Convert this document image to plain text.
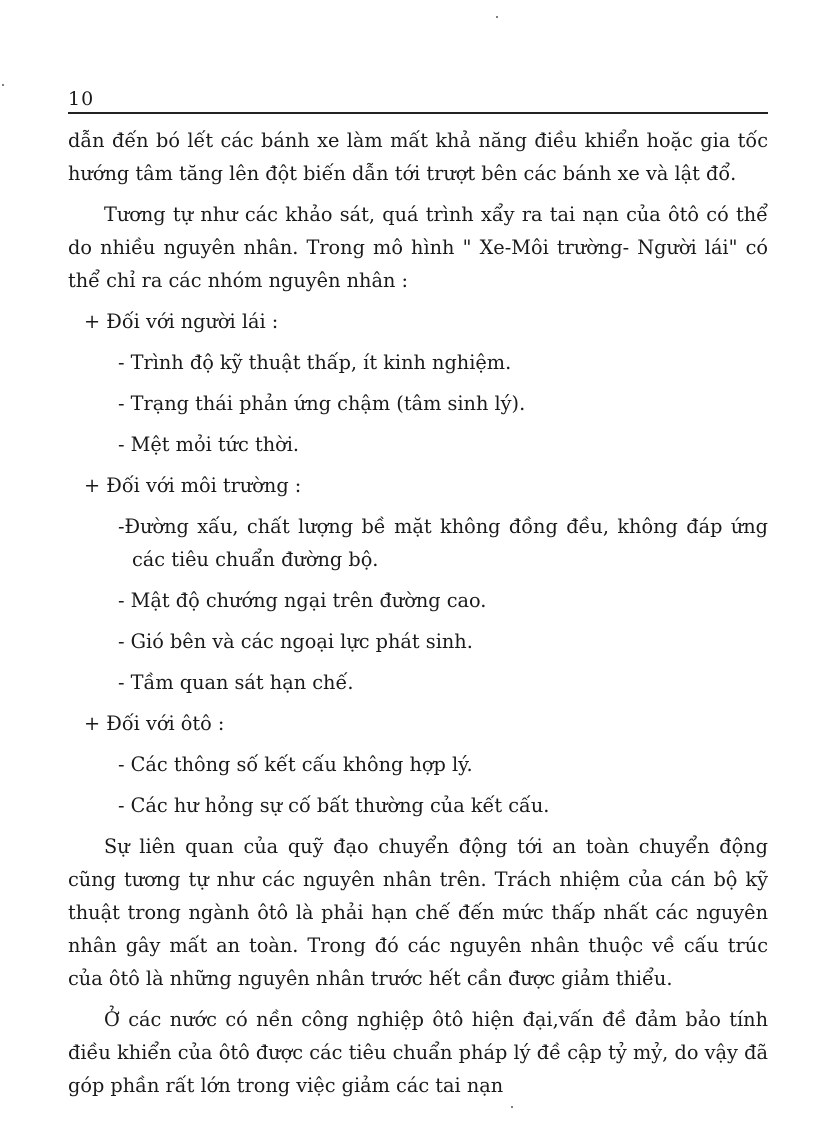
10

dẫn đến bó lết các bánh xe làm mất khả năng điều khiển hoặc gia tốc hướng tâm tăng lên đột biến dẫn tới trượt bên các bánh xe và lật đổ.

Tương tự như các khảo sát, quá trình xẩy ra tai nạn của ôtô có thể do nhiều nguyên nhân. Trong mô hình " Xe-Môi trường- Người lái" có thể chỉ ra các nhóm nguyên nhân :

+ Đối với người lái :

- Trình độ kỹ thuật thấp, ít kinh nghiệm.

- Trạng thái phản ứng chậm (tâm sinh lý).

- Mệt mỏi tức thời.

+ Đối với môi trường :

-Đường xấu, chất lượng bề mặt không đồng đều, không đáp ứng các tiêu chuẩn đường bộ.

- Mật độ chướng ngại trên đường cao.

- Gió bên và các ngoại lực phát sinh.

- Tầm quan sát hạn chế.

+ Đối với ôtô :

- Các thông số kết cấu không hợp lý.

- Các hư hỏng sự cố bất thường của kết cấu.

Sự liên quan của quỹ đạo chuyển động tới an toàn chuyển động cũng tương tự như các nguyên nhân trên. Trách nhiệm của cán bộ kỹ thuật trong ngành ôtô là phải hạn chế đến mức thấp nhất các nguyên nhân gây mất an toàn. Trong đó các nguyên nhân thuộc về cấu trúc của ôtô là những nguyên nhân trước hết cần được giảm thiểu.

Ở các nước có nền công nghiệp ôtô hiện đại,vấn đề đảm bảo tính điều khiển của ôtô được các tiêu chuẩn pháp lý đề cập tỷ mỷ, do vậy đã góp phần rất lớn trong việc giảm các tai nạn
